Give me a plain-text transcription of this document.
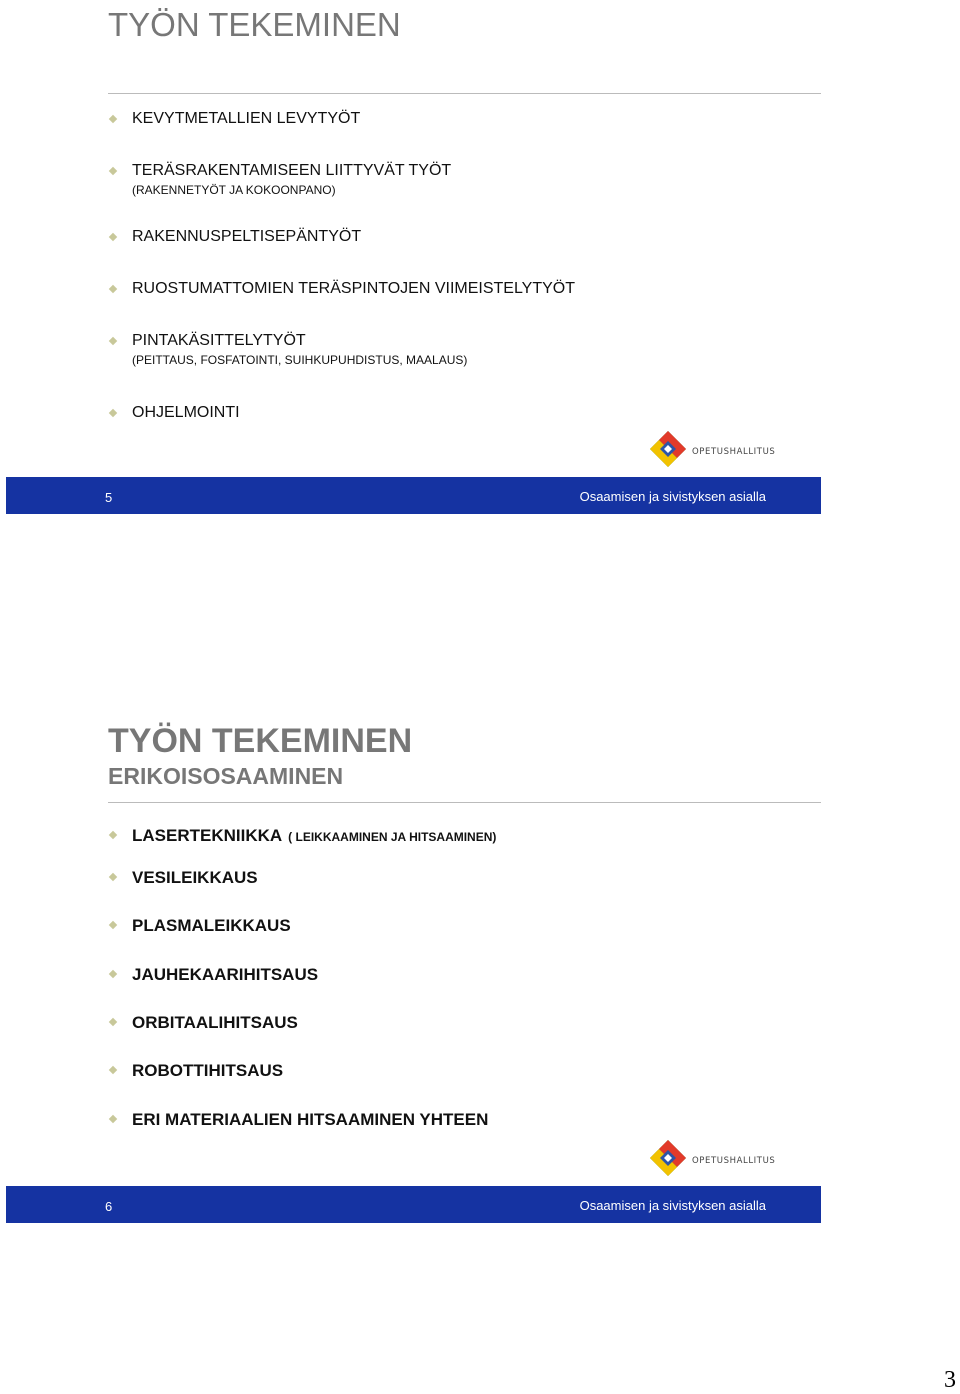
TYÖN TEKEMINEN
KEVYTMETALLIEN LEVYTYÖT
TERÄSRAKENTAMISEEN LIITTYVÄT TYÖT
(RAKENNETYÖT JA KOKOONPANO)
RAKENNUSPELTISEPÄNTYÖT
RUOSTUMATTOMIEN TERÄSPINTOJEN VIIMEISTELYTYÖT
PINTAKÄSITTELYTYÖT
(PEITTAUS, FOSFATOINTI, SUIHKUPUHDISTUS, MAALAUS)
OHJELMOINTI
OPETUSHALLITUS
5	Osaamisen ja sivistyksen asialla
TYÖN TEKEMINEN
ERIKOISOSAAMINEN
LASERTEKNIIKKA ( LEIKKAAMINEN JA HITSAAMINEN)
VESILEIKKAUS
PLASMALEIKKAUS
JAUHEKAARIHITSAUS
ORBITAALIHITSAUS
ROBOTTIHITSAUS
ERI MATERIAALIEN HITSAAMINEN YHTEEN
OPETUSHALLITUS
6	Osaamisen ja sivistyksen asialla
3
